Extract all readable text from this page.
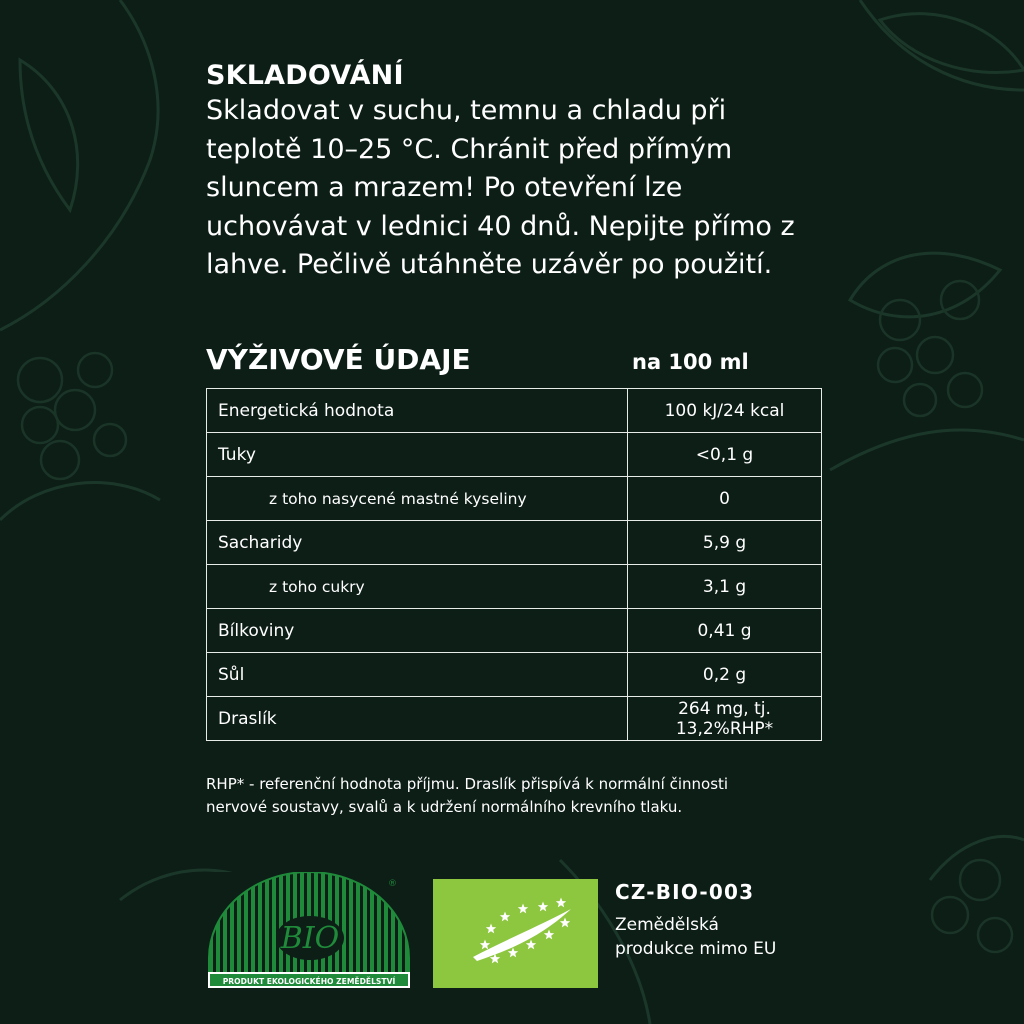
SKLADOVÁNÍ
Skladovat v suchu, temnu a chladu při teplotě 10–25 °C. Chránit před přímým sluncem a mrazem! Po otevření lze uchovávat v lednici 40 dnů. Nepijte přímo z lahve. Pečlivě utáhněte uzávěr po použití.
VÝŽIVOVÉ ÚDAJE	na 100 ml
Energetická hodnota	100 kJ/24 kcal
Tuky	<0,1 g
z toho nasycené mastné kyseliny	0
Sacharidy	5,9 g
z toho cukry	3,1 g
Bílkoviny	0,41 g
Sůl	0,2 g
Draslík	264 mg, tj. 13,2%RHP*
RHP* - referenční hodnota příjmu. Draslík přispívá k normální činnosti
nervové soustavy, svalů a k udržení normálního krevního tlaku.
BIO
PRODUKT EKOLOGICKÉHO ZEMĚDĚLSTVÍ
®	CZ-BIO-003
Zemědělská
produkce mimo EU
